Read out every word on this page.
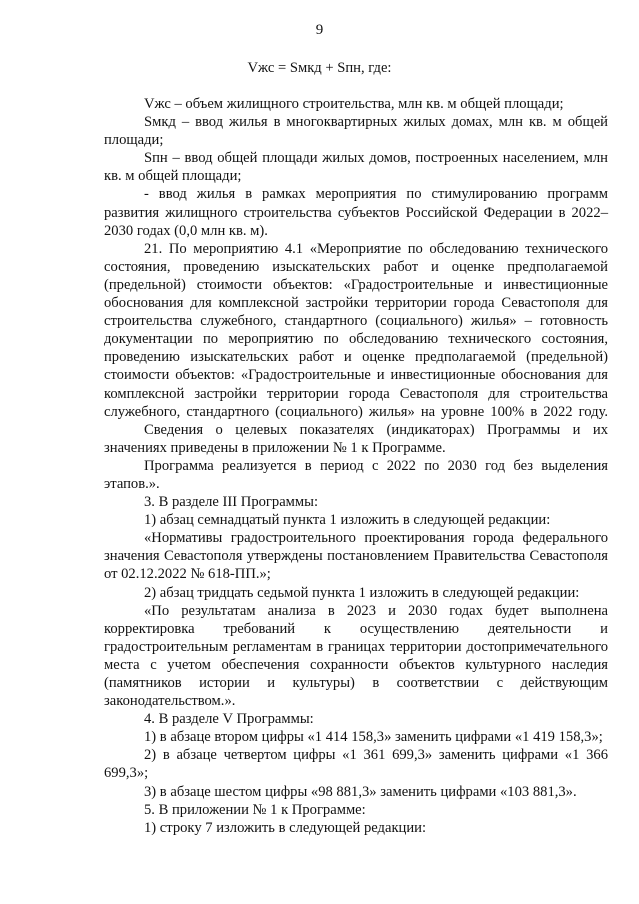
9
Vжс = Sмкд + Sпн, где:

Vжс – объем жилищного строительства, млн кв. м общей площади;

Sмкд – ввод жилья в многоквартирных жилых домах, млн кв. м общей площади;

Sпн – ввод общей площади жилых домов, построенных населением, млн кв. м общей площади;

- ввод жилья в рамках мероприятия по стимулированию программ развития жилищного строительства субъектов Российской Федерации в 2022–2030 годах (0,0 млн кв. м).

21. По мероприятию 4.1 «Мероприятие по обследованию технического состояния, проведению изыскательских работ и оценке предполагаемой (предельной) стоимости объектов: «Градостроительные и инвестиционные обоснования для комплексной застройки территории города Севастополя для строительства служебного, стандартного (социального) жилья» – готовность документации по мероприятию по обследованию технического состояния, проведению изыскательских работ и оценке предполагаемой (предельной) стоимости объектов: «Градостроительные и инвестиционные обоснования для комплексной застройки территории города Севастополя для строительства служебного, стандартного (социального) жилья» на уровне 100% в 2022 году.

Сведения о целевых показателях (индикаторах) Программы и их значениях приведены в приложении № 1 к Программе.

Программа реализуется в период с 2022 по 2030 год без выделения этапов.».

3. В разделе III Программы:

1) абзац семнадцатый пункта 1 изложить в следующей редакции:

«Нормативы градостроительного проектирования города федерального значения Севастополя утверждены постановлением Правительства Севастополя от 02.12.2022 № 618-ПП.»;

2) абзац тридцать седьмой пункта 1 изложить в следующей редакции:

«По результатам анализа в 2023 и 2030 годах будет выполнена корректировка требований к осуществлению деятельности и градостроительным регламентам в границах территории достопримечательного места с учетом обеспечения сохранности объектов культурного наследия (памятников истории и культуры) в соответствии с действующим законодательством.».

4. В разделе V Программы:

1) в абзаце втором цифры «1 414 158,3» заменить цифрами «1 419 158,3»;

2) в абзаце четвертом цифры «1 361 699,3» заменить цифрами «1 366 699,3»;

3) в абзаце шестом цифры «98 881,3» заменить цифрами «103 881,3».

5. В приложении № 1 к Программе:

1) строку 7 изложить в следующей редакции:
